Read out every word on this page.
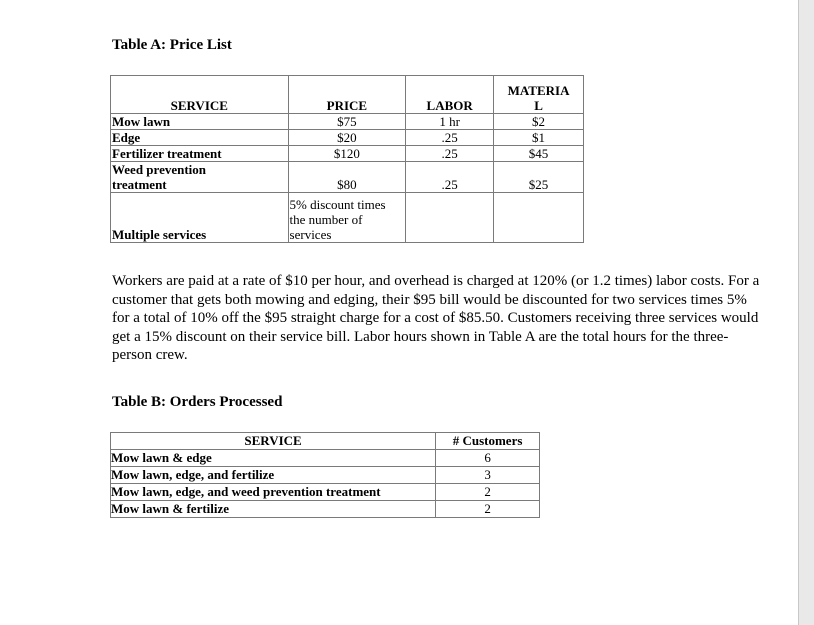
Table A: Price List
SERVICE	PRICE	LABOR	MATERIA
L

Mow lawn	$75	1 hr	$2
Edge	$20	.25	$1
Fertilizer treatment	$120	.25	$45

Weed prevention
treatment	$80	.25	$25
Multiple services	5% discount times
the number of
services		

Workers are paid at a rate of $10 per hour, and overhead is charged at 120% (or 1.2 times) labor costs. For a customer that gets both mowing and edging, their $95 bill would be discounted for two services times 5% for a total of 10% off the $95 straight charge for a cost of $85.50. Customers receiving three services would get a 15% discount on their service bill. Labor hours shown in Table A are the total hours for the three-person crew.
Table B: Orders Processed
SERVICE	# Customers
Mow lawn & edge	6
Mow lawn, edge, and fertilize	3
Mow lawn, edge, and weed prevention treatment	2
Mow lawn & fertilize	2
